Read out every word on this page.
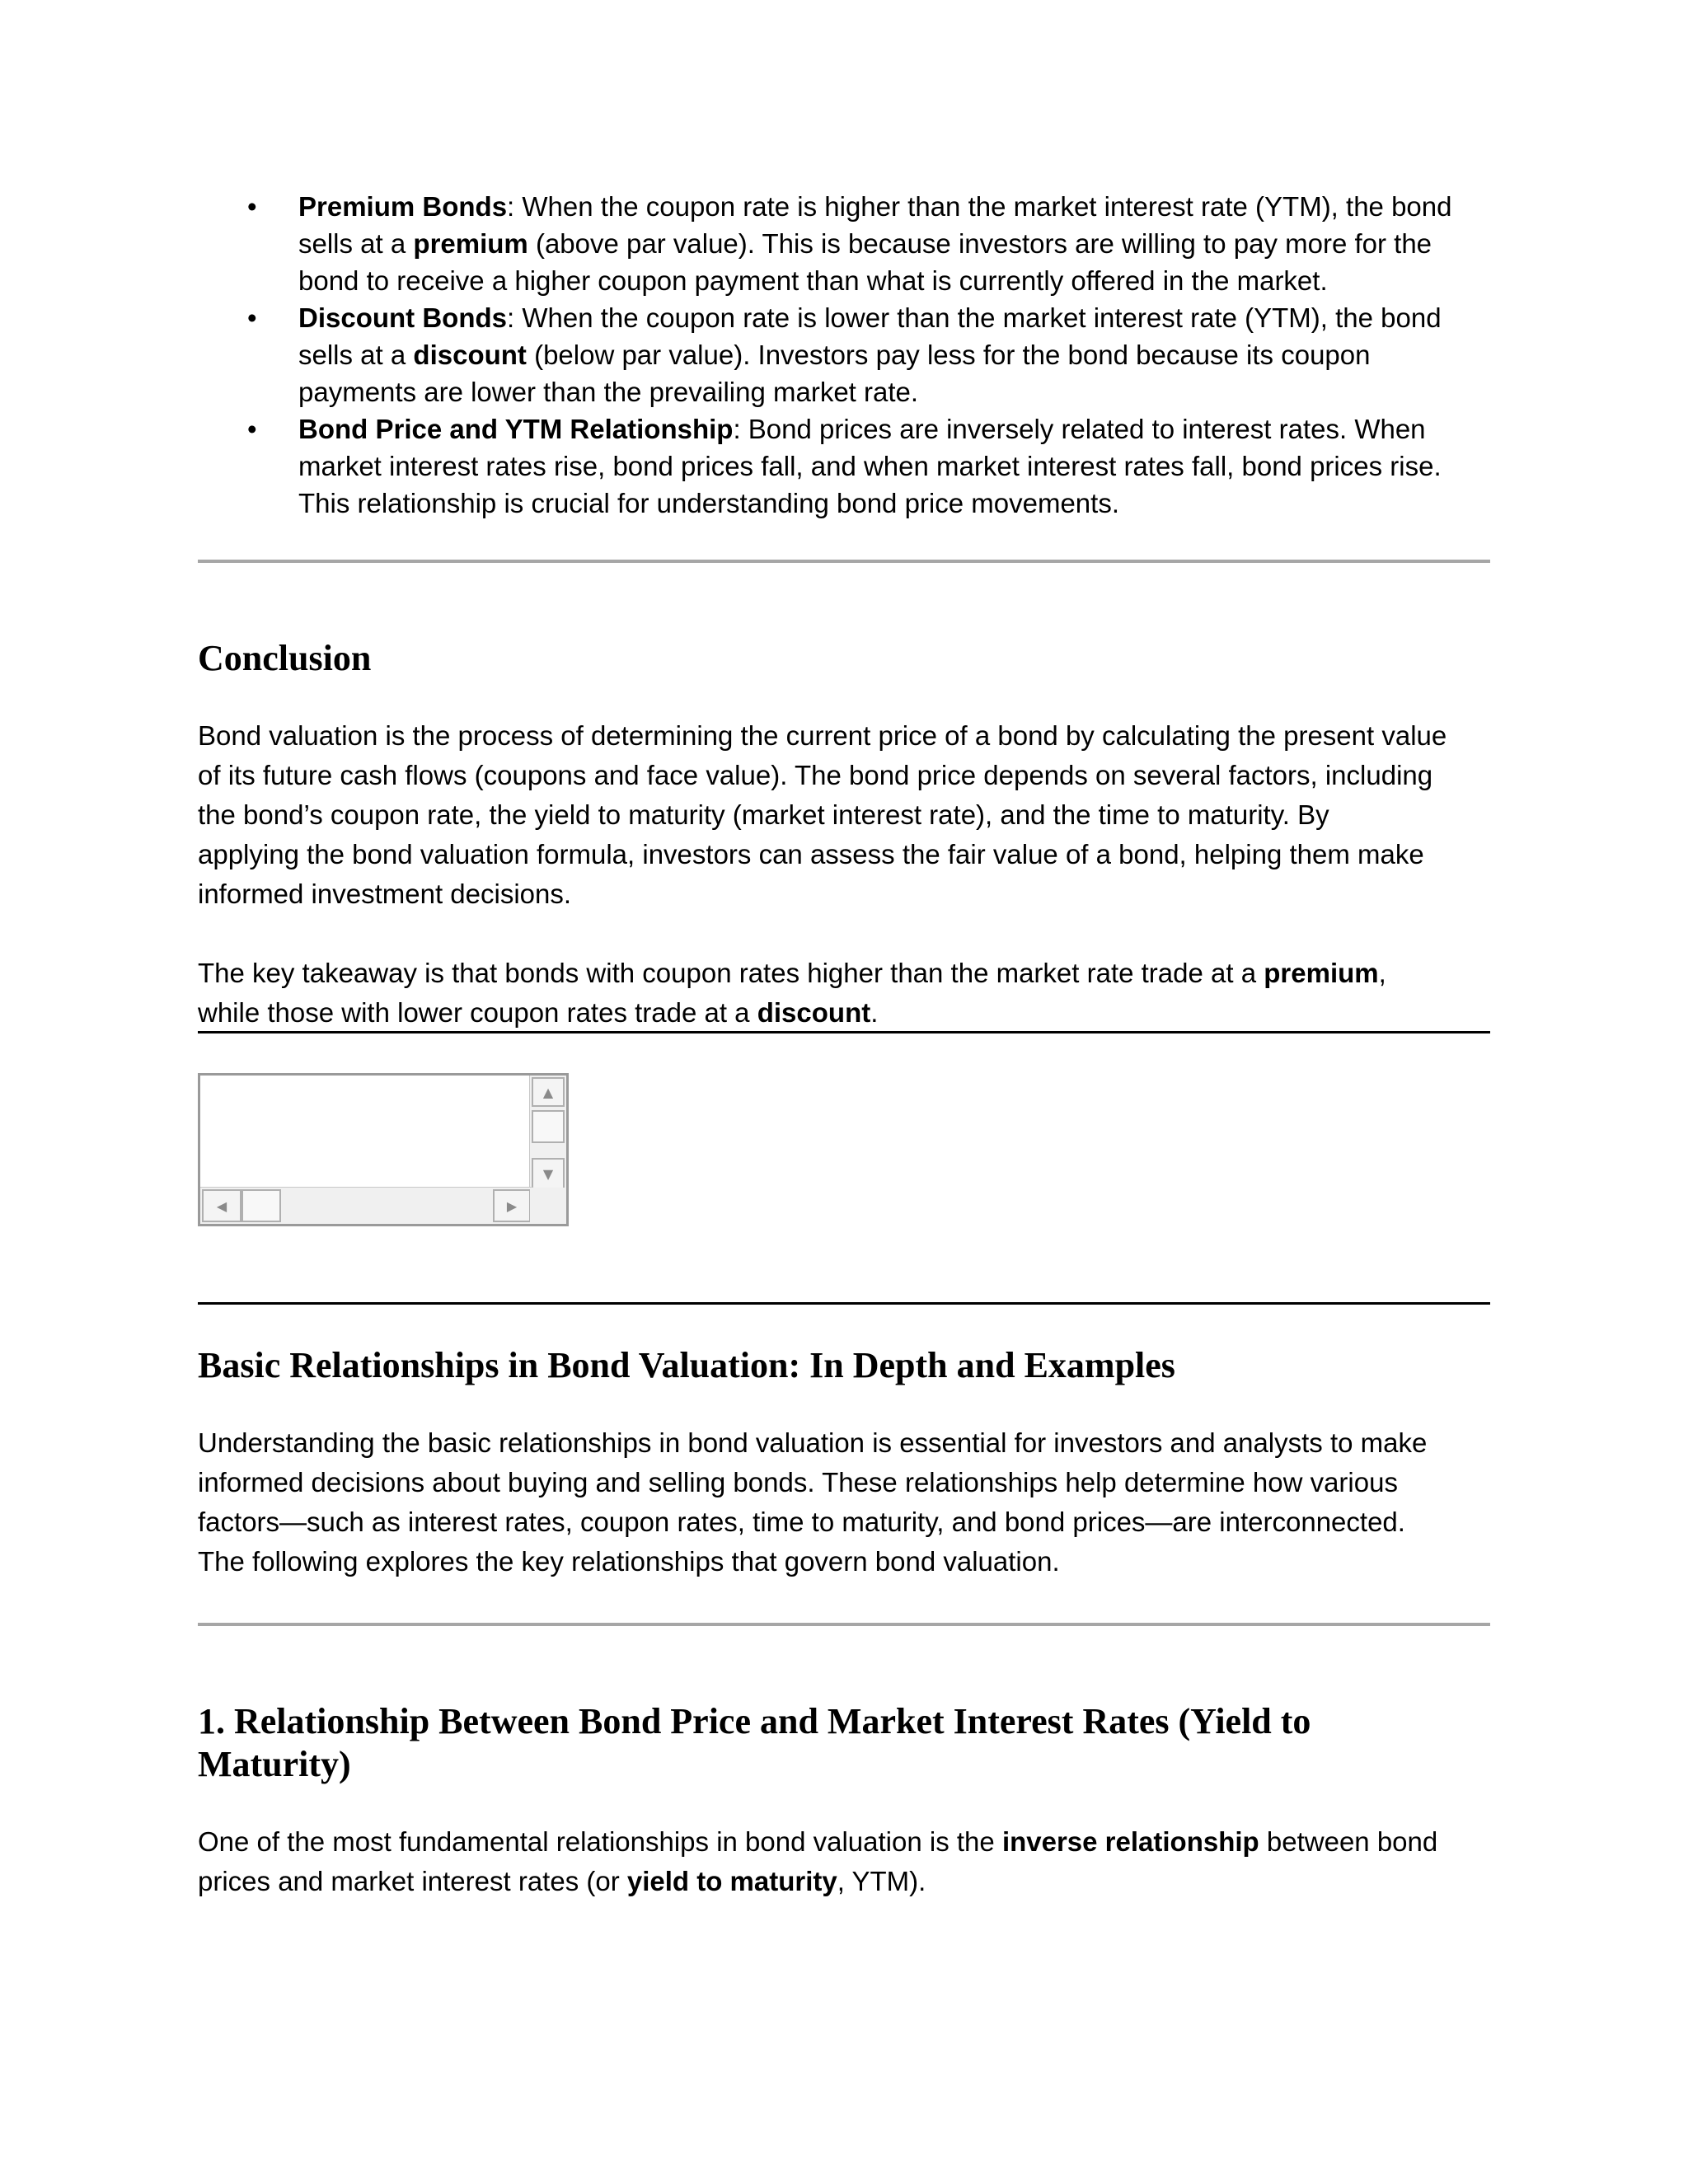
• Premium Bonds: When the coupon rate is higher than the market interest rate (YTM), the bond
sells at a premium (above par value). This is because investors are willing to pay more for the
bond to receive a higher coupon payment than what is currently offered in the market.
• Discount Bonds: When the coupon rate is lower than the market interest rate (YTM), the bond
sells at a discount (below par value). Investors pay less for the bond because its coupon
payments are lower than the prevailing market rate.
• Bond Price and YTM Relationship: Bond prices are inversely related to interest rates. When
market interest rates rise, bond prices fall, and when market interest rates fall, bond prices rise.
This relationship is crucial for understanding bond price movements.
Conclusion

Bond valuation is the process of determining the current price of a bond by calculating the present value
of its future cash flows (coupons and face value). The bond price depends on several factors, including
the bond’s coupon rate, the yield to maturity (market interest rate), and the time to maturity. By
applying the bond valuation formula, investors can assess the fair value of a bond, helping them make
informed investment decisions.

The key takeaway is that bonds with coupon rates higher than the market rate trade at a premium,
while those with lower coupon rates trade at a discount.

▲
▼
◀	▶
Basic Relationships in Bond Valuation: In Depth and Examples

Understanding the basic relationships in bond valuation is essential for investors and analysts to make
informed decisions about buying and selling bonds. These relationships help determine how various
factors—such as interest rates, coupon rates, time to maturity, and bond prices—are interconnected.
The following explores the key relationships that govern bond valuation.

1. Relationship Between Bond Price and Market Interest Rates (Yield to
Maturity)

One of the most fundamental relationships in bond valuation is the inverse relationship between bond
prices and market interest rates (or yield to maturity, YTM).
